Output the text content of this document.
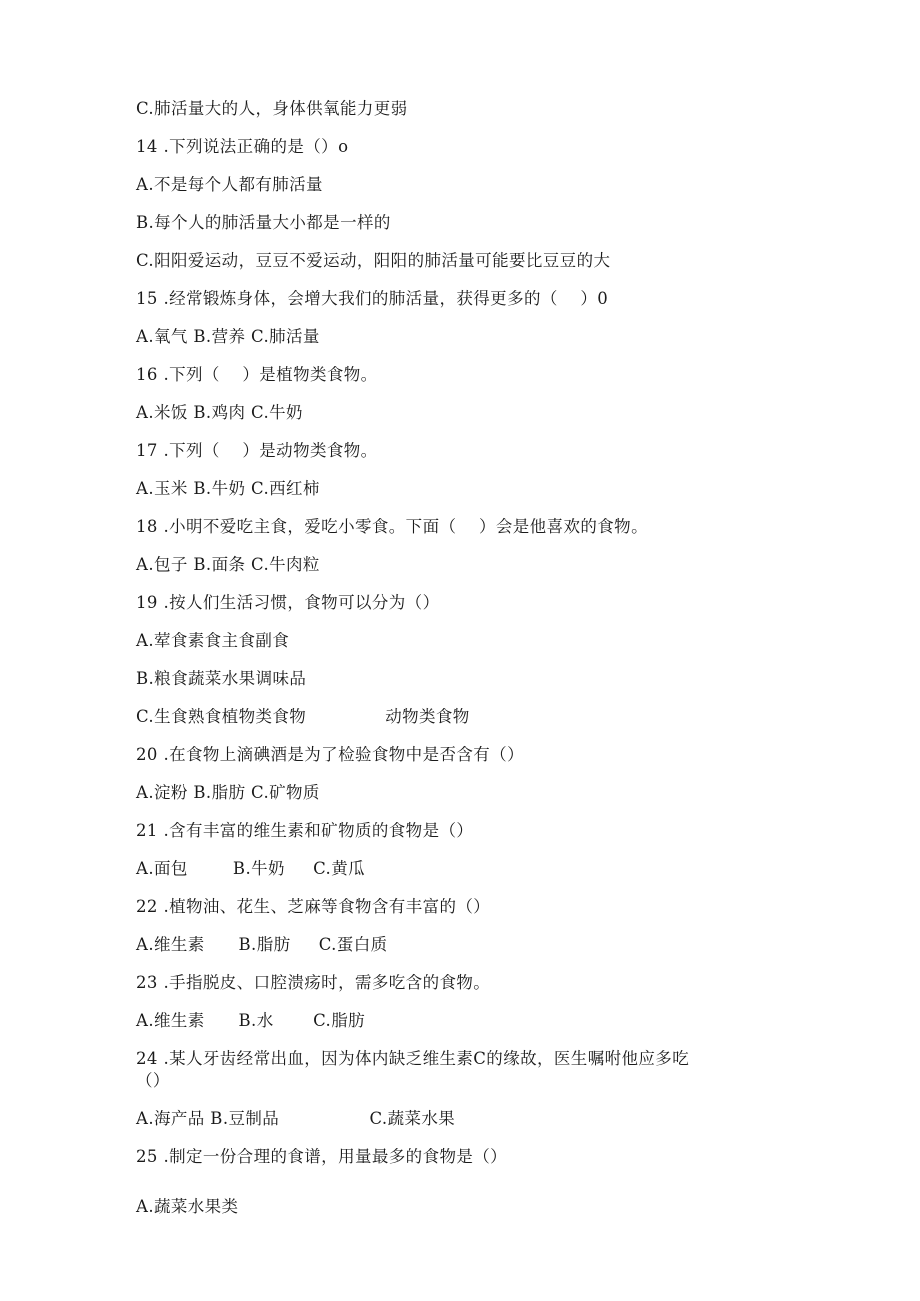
C.肺活量大的人，身体供氧能力更弱
14 .下列说法正确的是（）o
A.不是每个人都有肺活量
B.每个人的肺活量大小都是一样的
C.阳阳爱运动，豆豆不爱运动，阳阳的肺活量可能要比豆豆的大
15 .经常锻炼身体，会增大我们的肺活量，获得更多的（    ）0
A.氧气 B.营养 C.肺活量
16 .下列（    ）是植物类食物。
A.米饭 B.鸡肉 C.牛奶
17 .下列（    ）是动物类食物。
A.玉米 B.牛奶 C.西红柿
18 .小明不爱吃主食，爱吃小零食。下面（    ）会是他喜欢的食物。
A.包子 B.面条 C.牛肉粒
19 .按人们生活习惯，食物可以分为（）
A.荤食素食主食副食
B.粮食蔬菜水果调味品
C.生食熟食植物类食物              动物类食物
20 .在食物上滴碘酒是为了检验食物中是否含有（）
A.淀粉 B.脂肪 C.矿物质
21 .含有丰富的维生素和矿物质的食物是（）
A.面包        B.牛奶     C.黄瓜
22 .植物油、花生、芝麻等食物含有丰富的（）
A.维生素      B.脂肪     C.蛋白质
23 .手指脱皮、口腔溃疡时，需多吃含的食物。
A.维生素      B.水       C.脂肪
24 .某人牙齿经常出血，因为体内缺乏维生素C的缘故，医生嘱咐他应多吃
（）
A.海产品 B.豆制品                C.蔬菜水果
25 .制定一份合理的食谱，用量最多的食物是（）
A.蔬菜水果类
